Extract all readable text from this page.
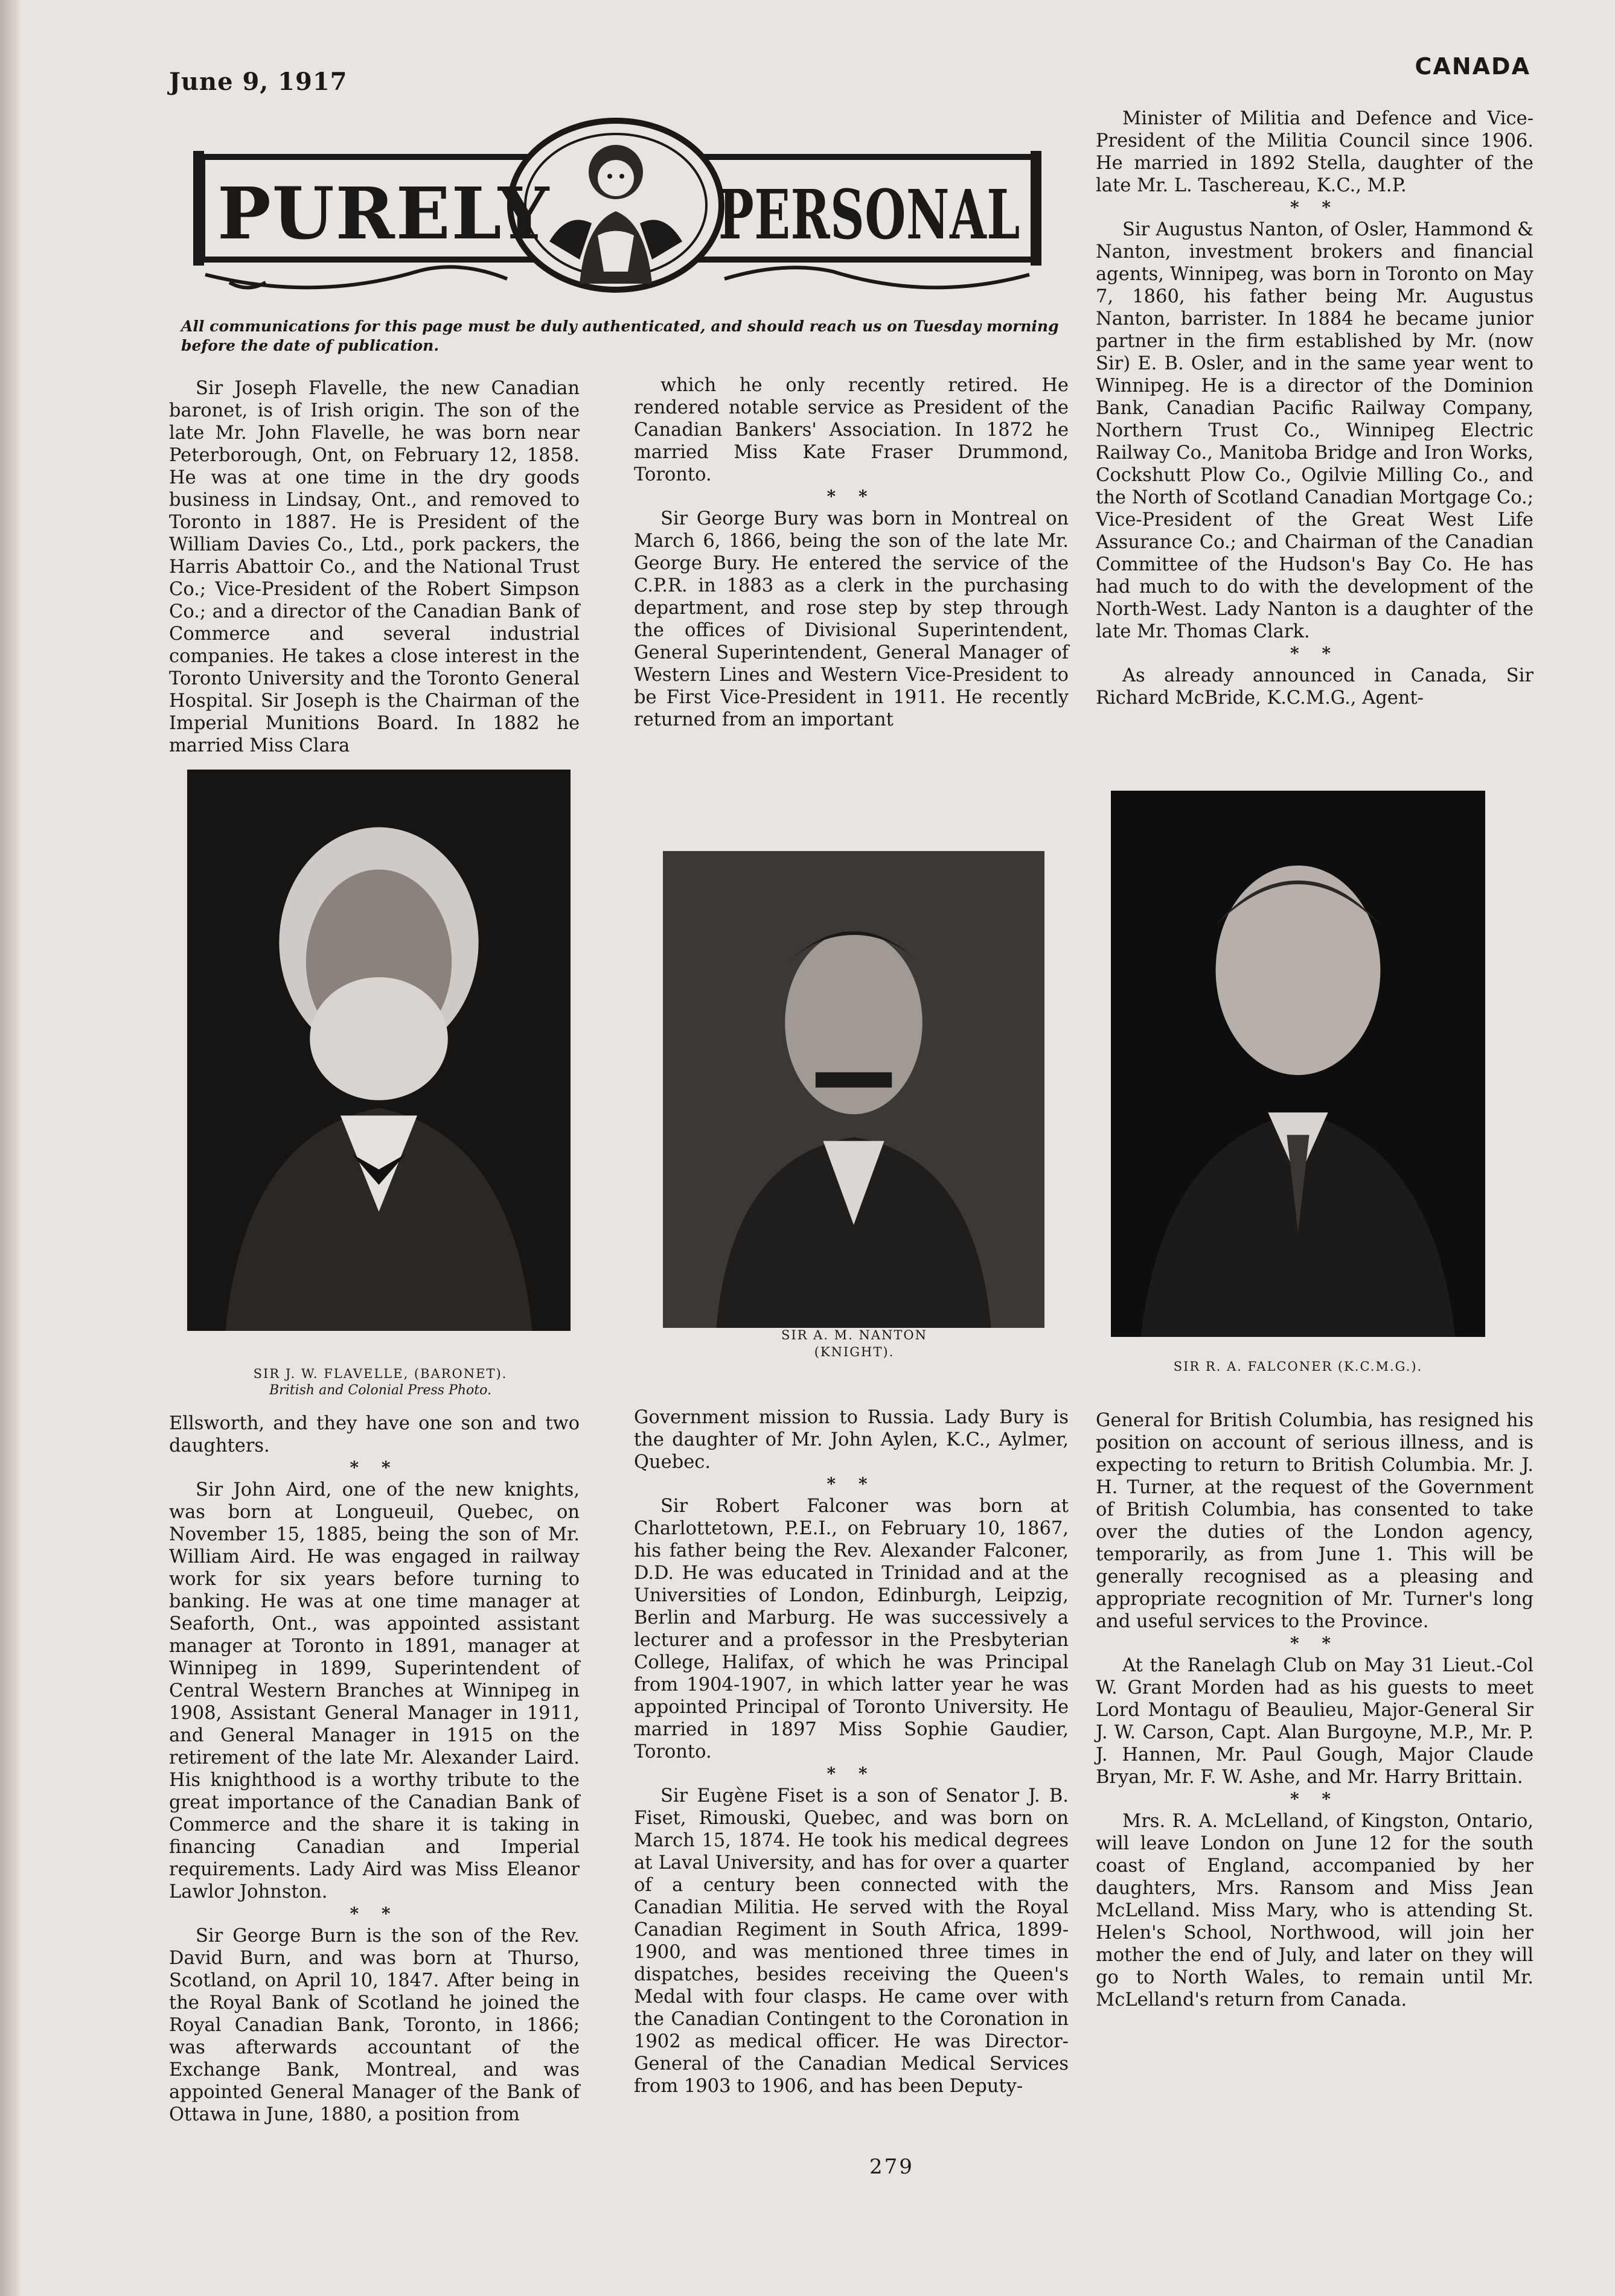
June 9, 1917
CANADA
PURELY PERSONAL
All communications for this page must be duly authenticated, and should reach us on Tuesday morning before the date of publication.

Sir Joseph Flavelle, the new Canadian baronet, is of Irish origin. The son of the late Mr. John Flavelle, he was born near Peterborough, Ont, on February 12, 1858. He was at one time in the dry goods business in Lindsay, Ont., and removed to Toronto in 1887. He is President of the William Davies Co., Ltd., pork packers, the Harris Abattoir Co., and the National Trust Co.; Vice-President of the Robert Simpson Co.; and a director of the Canadian Bank of Commerce and several industrial companies. He takes a close interest in the Toronto University and the Toronto General Hospital. Sir Joseph is the Chairman of the Imperial Munitions Board. In 1882 he married Miss Clara

which he only recently retired. He rendered notable service as President of the Canadian Bankers' Association. In 1872 he married Miss Kate Fraser Drummond, Toronto.

* *

Sir George Bury was born in Montreal on March 6, 1866, being the son of the late Mr. George Bury. He entered the service of the C.P.R. in 1883 as a clerk in the purchasing department, and rose step by step through the offices of Divisional Superintendent, General Superintendent, General Manager of Western Lines and Western Vice-President to be First Vice-President in 1911. He recently returned from an important

Minister of Militia and Defence and Vice-President of the Militia Council since 1906. He married in 1892 Stella, daughter of the late Mr. L. Taschereau, K.C., M.P.

* *

Sir Augustus Nanton, of Osler, Hammond & Nanton, investment brokers and financial agents, Winnipeg, was born in Toronto on May 7, 1860, his father being Mr. Augustus Nanton, barrister. In 1884 he became junior partner in the firm established by Mr. (now Sir) E. B. Osler, and in the same year went to Winnipeg. He is a director of the Dominion Bank, Canadian Pacific Railway Company, Northern Trust Co., Winnipeg Electric Railway Co., Manitoba Bridge and Iron Works, Cockshutt Plow Co., Ogilvie Milling Co., and the North of Scotland Canadian Mortgage Co.; Vice-President of the Great West Life Assurance Co.; and Chairman of the Canadian Committee of the Hudson's Bay Co. He has had much to do with the development of the North-West. Lady Nanton is a daughter of the late Mr. Thomas Clark.

* *

As already announced in Canada, Sir Richard McBride, K.C.M.G., Agent-

SIR J. W. FLAVELLE, (BARONET).
British and Colonial Press Photo.
SIR A. M. NANTON
(KNIGHT).
SIR R. A. FALCONER (K.C.M.G.).

Ellsworth, and they have one son and two daughters.

* *

Sir John Aird, one of the new knights, was born at Longueuil, Quebec, on November 15, 1885, being the son of Mr. William Aird. He was engaged in railway work for six years before turning to banking. He was at one time manager at Seaforth, Ont., was appointed assistant manager at Toronto in 1891, manager at Winnipeg in 1899, Superintendent of Central Western Branches at Winnipeg in 1908, Assistant General Manager in 1911, and General Manager in 1915 on the retirement of the late Mr. Alexander Laird. His knighthood is a worthy tribute to the great importance of the Canadian Bank of Commerce and the share it is taking in financing Canadian and Imperial requirements. Lady Aird was Miss Eleanor Lawlor Johnston.

* *

Sir George Burn is the son of the Rev. David Burn, and was born at Thurso, Scotland, on April 10, 1847. After being in the Royal Bank of Scotland he joined the Royal Canadian Bank, Toronto, in 1866; was afterwards accountant of the Exchange Bank, Montreal, and was appointed General Manager of the Bank of Ottawa in June, 1880, a position from

Government mission to Russia. Lady Bury is the daughter of Mr. John Aylen, K.C., Aylmer, Quebec.

* *

Sir Robert Falconer was born at Charlottetown, P.E.I., on February 10, 1867, his father being the Rev. Alexander Falconer, D.D. He was educated in Trinidad and at the Universities of London, Edinburgh, Leipzig, Berlin and Marburg. He was successively a lecturer and a professor in the Presbyterian College, Halifax, of which he was Principal from 1904-1907, in which latter year he was appointed Principal of Toronto University. He married in 1897 Miss Sophie Gaudier, Toronto.

* *

Sir Eugène Fiset is a son of Senator J. B. Fiset, Rimouski, Quebec, and was born on March 15, 1874. He took his medical degrees at Laval University, and has for over a quarter of a century been connected with the Canadian Militia. He served with the Royal Canadian Regiment in South Africa, 1899-1900, and was mentioned three times in dispatches, besides receiving the Queen's Medal with four clasps. He came over with the Canadian Contingent to the Coronation in 1902 as medical officer. He was Director-General of the Canadian Medical Services from 1903 to 1906, and has been Deputy-

General for British Columbia, has resigned his position on account of serious illness, and is expecting to return to British Columbia. Mr. J. H. Turner, at the request of the Government of British Columbia, has consented to take over the duties of the London agency, temporarily, as from June 1. This will be generally recognised as a pleasing and appropriate recognition of Mr. Turner's long and useful services to the Province.

* *

At the Ranelagh Club on May 31 Lieut.-Col W. Grant Morden had as his guests to meet Lord Montagu of Beaulieu, Major-General Sir J. W. Carson, Capt. Alan Burgoyne, M.P., Mr. P. J. Hannen, Mr. Paul Gough, Major Claude Bryan, Mr. F. W. Ashe, and Mr. Harry Brittain.

* *

Mrs. R. A. McLelland, of Kingston, Ontario, will leave London on June 12 for the south coast of England, accompanied by her daughters, Mrs. Ransom and Miss Jean McLelland. Miss Mary, who is attending St. Helen's School, Northwood, will join her mother the end of July, and later on they will go to North Wales, to remain until Mr. McLelland's return from Canada.

279
